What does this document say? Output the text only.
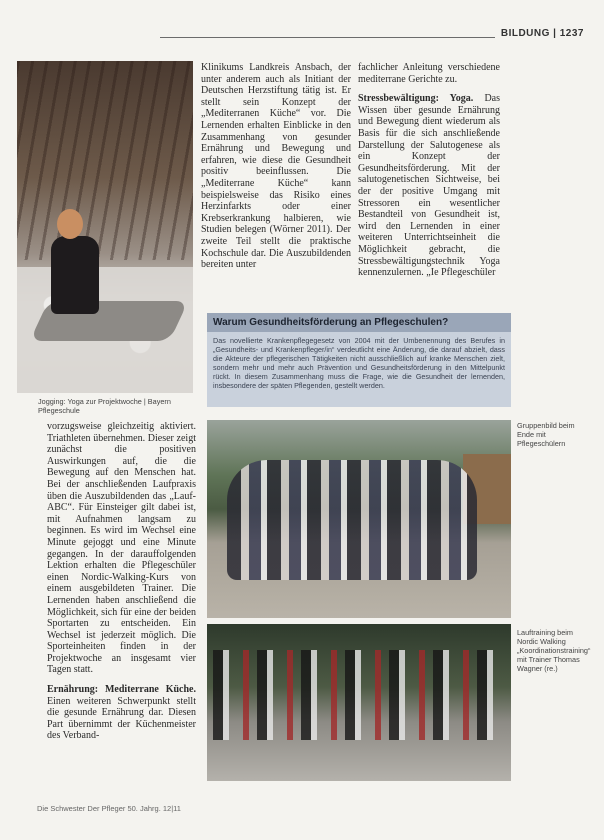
BILDUNG | 1237

Klinikums Landkreis Ansbach, der unter anderem auch als Initiant der Deutschen Herzstiftung tätig ist. Er stellt sein Konzept der „Mediterranen Küche“ vor. Die Lernenden erhalten Einblicke in den Zusammenhang von gesunder Ernährung und Bewegung und erfahren, wie diese die Gesundheit positiv beeinflussen. Die „Mediterrane Küche“ kann beispielsweise das Risiko eines Herzinfarkts oder einer Krebserkrankung halbieren, wie Studien belegen (Wörner 2011). Der zweite Teil stellt die praktische Kochschule dar. Die Auszubildenden bereiten unter

fachlicher Anleitung verschiedene mediterrane Gerichte zu.

Stressbewältigung: Yoga. Das Wissen über gesunde Ernährung und Bewegung dient wiederum als Basis für die sich anschließende Darstellung der Salutogenese als ein Konzept der Gesundheitsförderung. Mit der salutogenetischen Sichtweise, bei der der positive Umgang mit Stressoren ein wesentlicher Bestandteil von Gesundheit ist, wird den Lernenden in einer weiteren Unterrichtseinheit die Möglichkeit gebracht, die Stressbewältigungstechnik Yoga kennenzulernen. „Ie Pflegeschüler

Warum Gesundheitsförderung an Pflegeschulen?

Das novellierte Krankenpflegegesetz von 2004 mit der Umbenennung des Berufes in „Gesundheits- und Krankenpfleger/in“ verdeutlicht eine Änderung, die darauf abzielt, dass die Akteure der pflegerischen Tätigkeiten nicht ausschließlich auf kranke Menschen zielt, sondern mehr und mehr auch Prävention und Gesundheitsförderung in den Mittelpunkt rückt. In diesem Zusammenhang muss die Frage, wie die Gesundheit der lernenden, insbesondere der späten Pflegenden, gestellt werden.

Jogging: Yoga zur Projektwoche | Bayern Pflegeschule

vorzugsweise gleichzeitig aktiviert. Triathleten übernehmen. Dieser zeigt zunächst die positiven Auswirkungen auf, die die Bewegung auf den Menschen hat. Bei der anschließenden Laufpraxis üben die Auszubildenden das „Lauf-ABC“. Für Einsteiger gilt dabei ist, mit Aufnahmen langsam zu beginnen. Es wird im Wechsel eine Minute gejoggt und eine Minute gegangen. In der darauffolgenden Lektion erhalten die Pflegeschüler einen Nordic-Walking-Kurs von einem ausgebildeten Trainer. Die Lernenden haben anschließend die Möglichkeit, sich für eine der beiden Sportarten zu entscheiden. Ein Wechsel ist jederzeit möglich. Die Sporteinheiten finden in der Projektwoche an insgesamt vier Tagen statt.

Ernährung: Mediterrane Küche. Einen weiteren Schwerpunkt stellt die gesunde Ernährung dar. Diesen Part übernimmt der Küchenmeister des Verband-

Gruppenbild beim Ende mit Pflegeschülern
Lauftraining beim Nordic Walking „Koordinationstraining“ mit Trainer Thomas Wagner (re.)
Die Schwester Der Pfleger 50. Jahrg. 12|11
